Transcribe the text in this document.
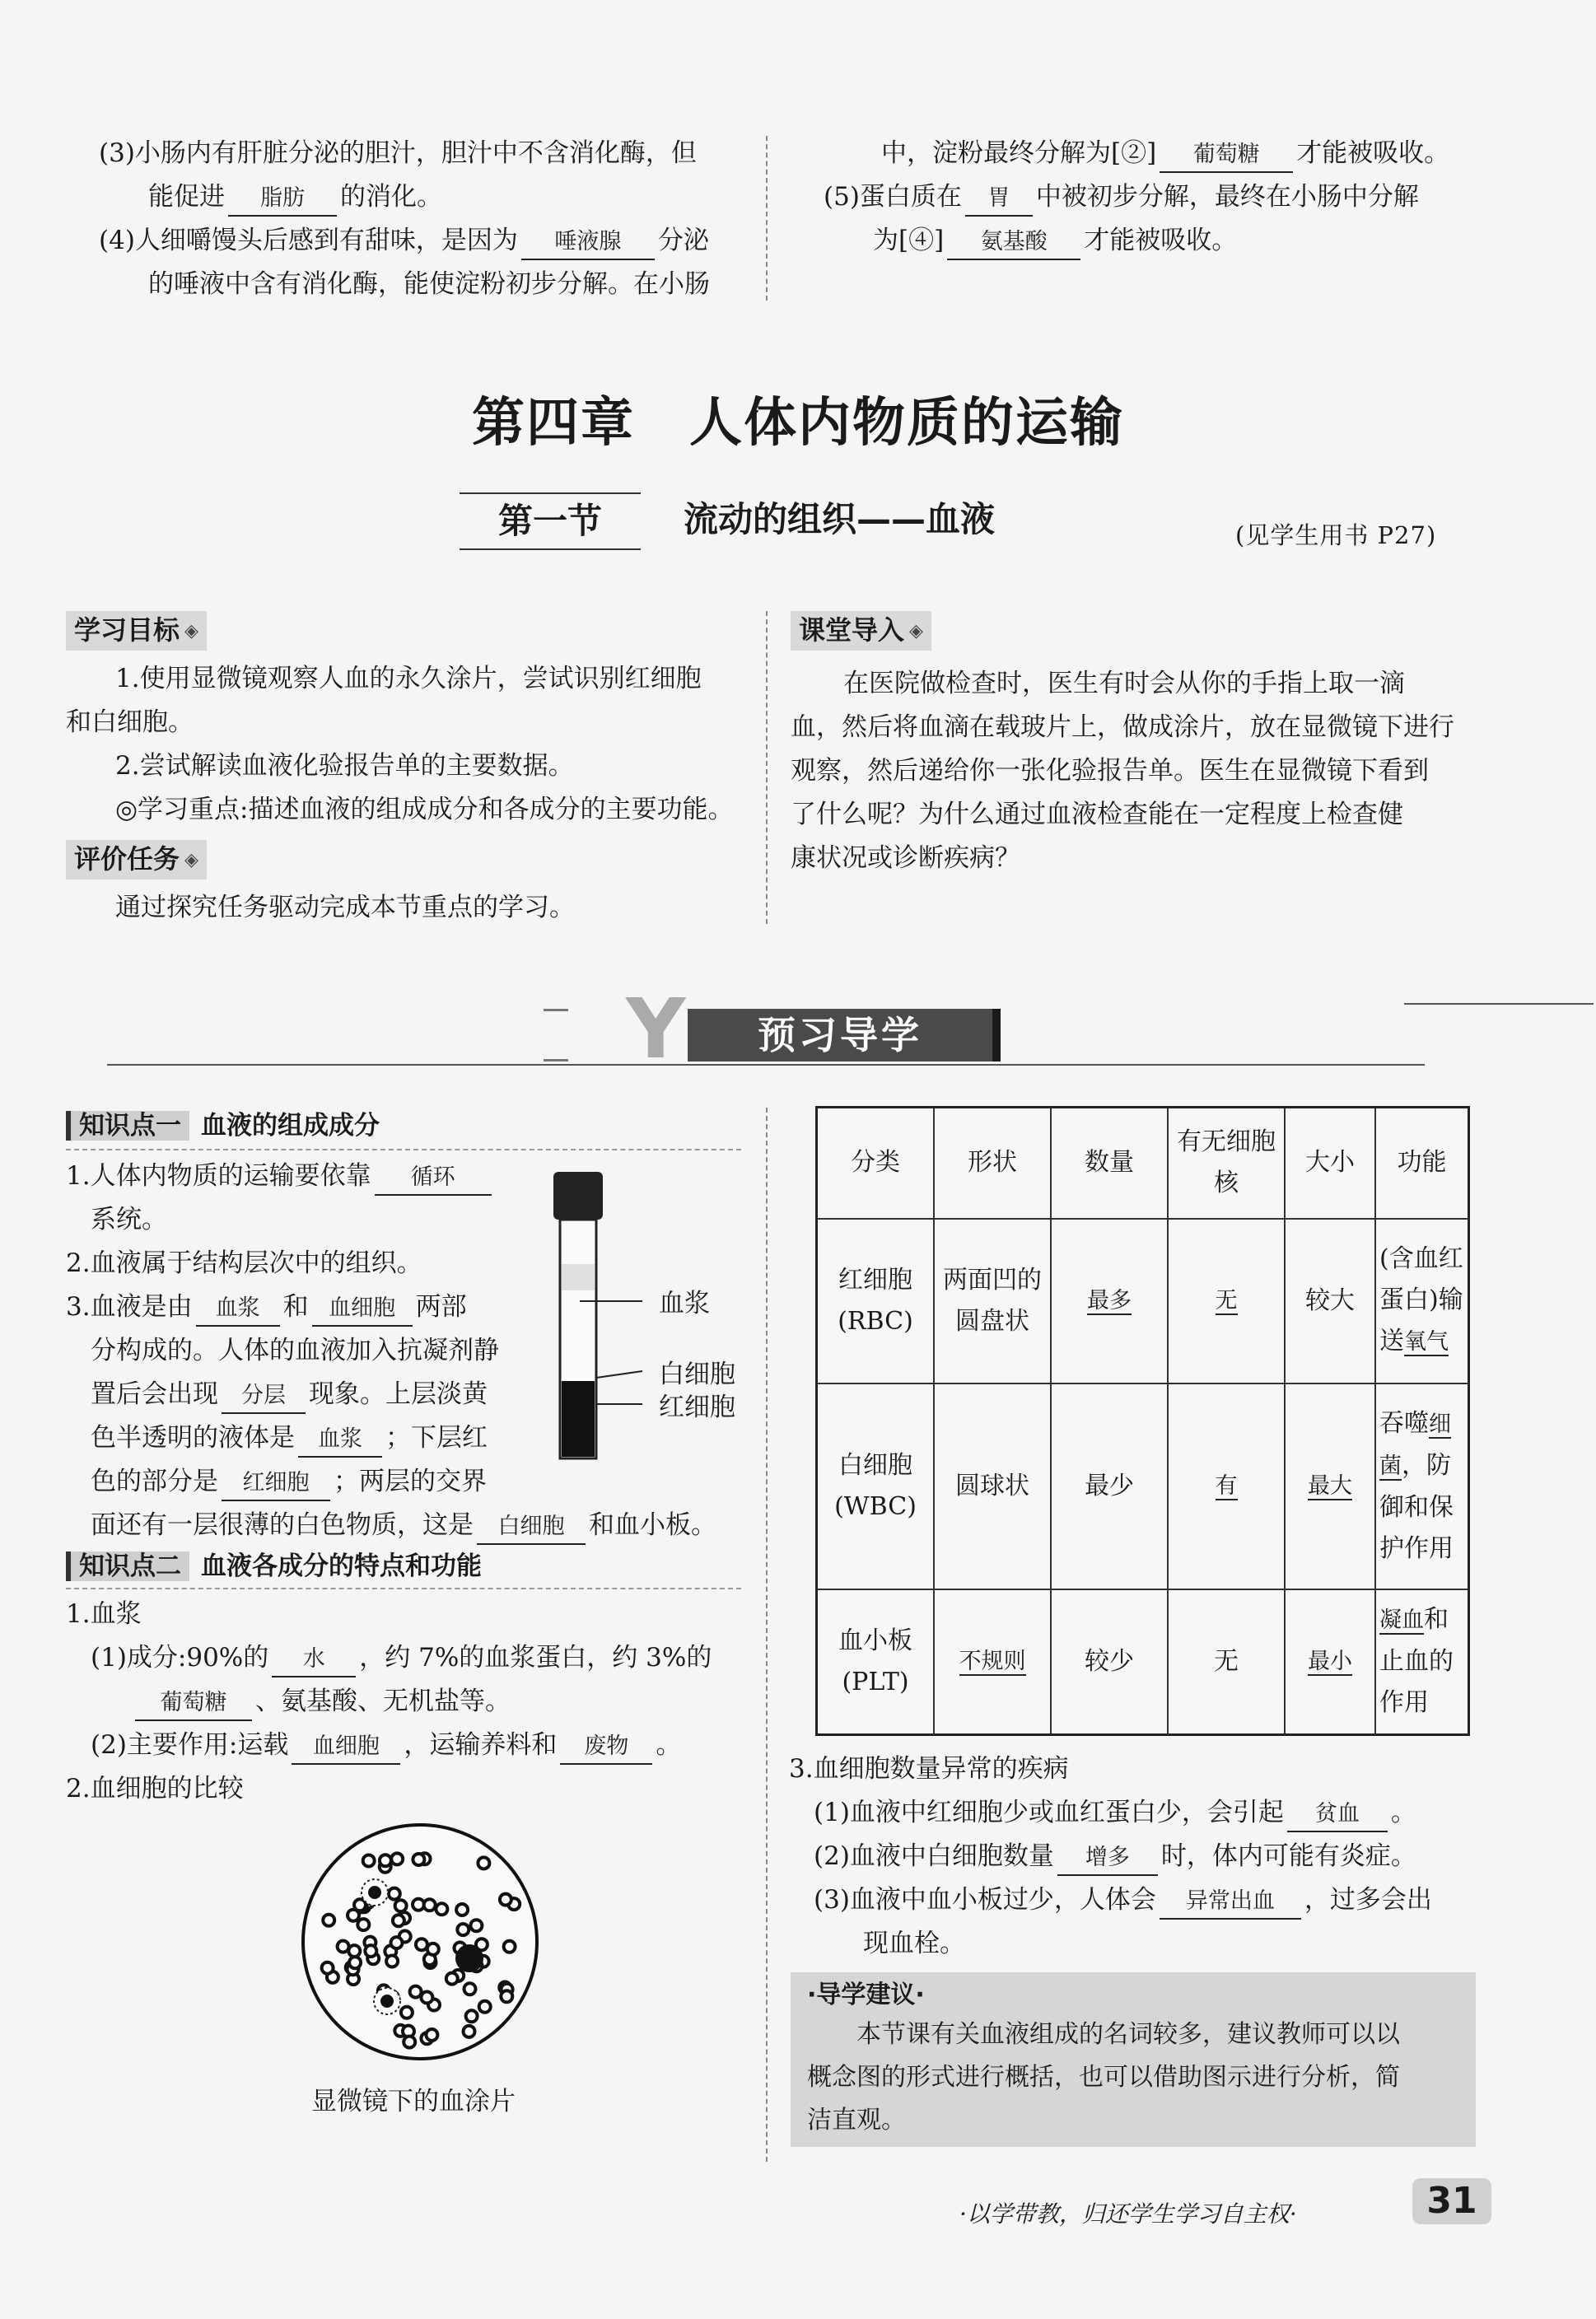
(3)小肠内有肝脏分泌的胆汁，胆汁中不含消化酶，但
能促进 脂肪 的消化。
(4)人细嚼馒头后感到有甜味，是因为 唾液腺 分泌
的唾液中含有消化酶，能使淀粉初步分解。在小肠
中，淀粉最终分解为[②] 葡萄糖 才能被吸收。
(5)蛋白质在 胃 中被初步分解，最终在小肠中分解
为[④] 氨基酸 才能被吸收。
第四章　人体内物质的运输
第一节	流动的组织——血液	(见学生用书 P27)
学习目标 ◈
1.使用显微镜观察人血的永久涂片，尝试识别红细胞
和白细胞。
2.尝试解读血液化验报告单的主要数据。
◎学习重点:描述血液的组成成分和各成分的主要功能。
评价任务 ◈
通过探究任务驱动完成本节重点的学习。
课堂导入 ◈
在医院做检查时，医生有时会从你的手指上取一滴
血，然后将血滴在载玻片上，做成涂片，放在显微镜下进行
观察，然后递给你一张化验报告单。医生在显微镜下看到
了什么呢？为什么通过血液检查能在一定程度上检查健
康状况或诊断疾病？
Y	预习导学
知识点一 血液的组成成分
1.人体内物质的运输要依靠 循环
系统。
2.血液属于结构层次中的组织。
3.血液是由 血浆 和 血细胞 两部
分构成的。人体的血液加入抗凝剂静
置后会出现 分层 现象。上层淡黄
色半透明的液体是 血浆 ；下层红
色的部分是 红细胞 ；两层的交界
面还有一层很薄的白色物质，这是 白细胞 和血小板。
血浆
白细胞
红细胞
知识点二 血液各成分的特点和功能
1.血浆
(1)成分:90%的 水 ，约 7%的血浆蛋白，约 3%的
葡萄糖 、氨基酸、无机盐等。
(2)主要作用:运载 血细胞 ，运输养料和 废物 。
2.血细胞的比较
显微镜下的血涂片
分类	形状	数量	有无细胞核	大小	功能

红细胞
(RBC)	两面凹的圆盘状	最多	无	较大	(含血红蛋白)输送氧气

白细胞
(WBC)	圆球状	最少	有	最大	吞噬细菌，防御和保护作用

血小板
(PLT)	不规则	较少	无	最小	凝血和止血的作用
3.血细胞数量异常的疾病
(1)血液中红细胞少或血红蛋白少，会引起 贫血 。
(2)血液中白细胞数量 增多 时，体内可能有炎症。
(3)血液中血小板过少，人体会 异常出血 ，过多会出
现血栓。
·导学建议·
本节课有关血液组成的名词较多，建议教师可以以
概念图的形式进行概括，也可以借助图示进行分析，简
洁直观。
·以学带教，归还学生学习自主权·	31
